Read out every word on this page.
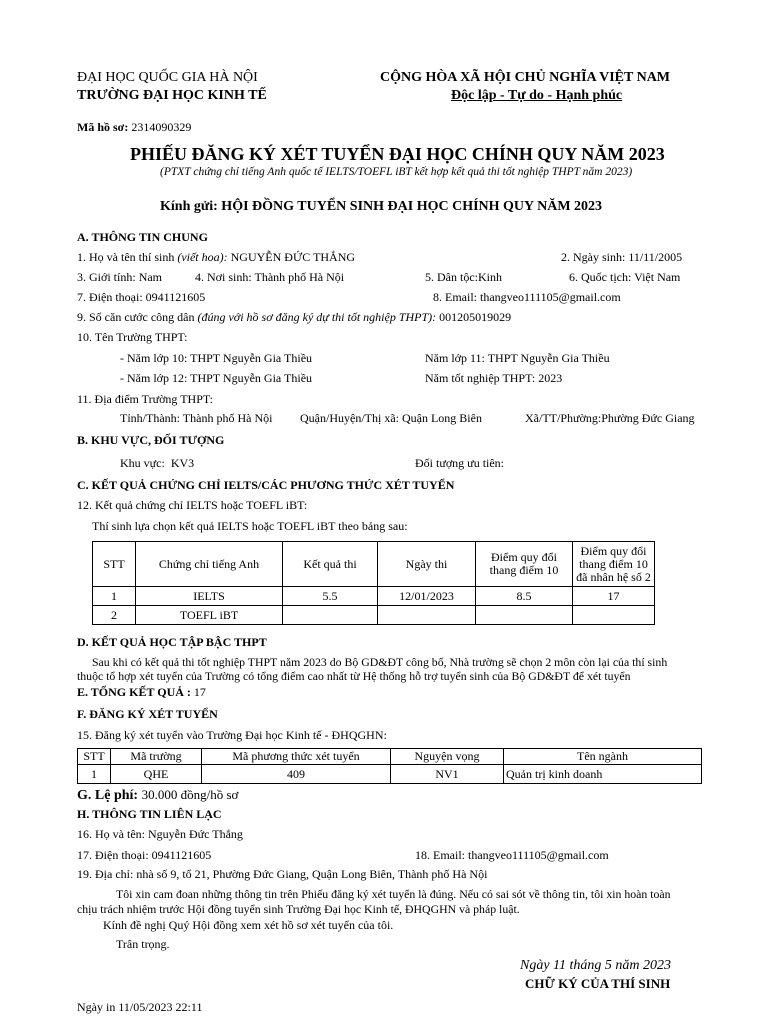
ĐẠI HỌC QUỐC GIA HÀ NỘI
TRƯỜNG ĐẠI HỌC KINH TẾ
CỘNG HÒA XÃ HỘI CHỦ NGHĨA VIỆT NAM
Độc lập - Tự do - Hạnh phúc
Mã hồ sơ: 2314090329
PHIẾU ĐĂNG KÝ XÉT TUYỂN ĐẠI HỌC CHÍNH QUY NĂM 2023
(PTXT chứng chỉ tiếng Anh quốc tế IELTS/TOEFL iBT kết hợp kết quả thi tốt nghiệp THPT năm 2023)
Kính gửi: HỘI ĐỒNG TUYỂN SINH ĐẠI HỌC CHÍNH QUY NĂM 2023
A. THÔNG TIN CHUNG
1. Họ và tên thí sinh (viết hoa): NGUYỄN ĐỨC THẮNG	2. Ngày sinh: 11/11/2005
3. Giới tính: Nam	4. Nơi sinh: Thành phố Hà Nội	5. Dân tộc:Kinh	6. Quốc tịch: Việt Nam
7. Điện thoại: 0941121605	8. Email: thangveo111105@gmail.com
9. Số căn cước công dân (đúng với hồ sơ đăng ký dự thi tốt nghiệp THPT): 001205019029
10. Tên Trường THPT:
- Năm lớp 10: THPT Nguyễn Gia Thiều	Năm lớp 11: THPT Nguyễn Gia Thiều
- Năm lớp 12: THPT Nguyễn Gia Thiều	Năm tốt nghiệp THPT: 2023
11. Địa điểm Trường THPT:
Tỉnh/Thành: Thành phố Hà Nội Quận/Huyện/Thị xã: Quận Long Biên	Xã/TT/Phường:Phường Đức Giang
B. KHU VỰC, ĐỐI TƯỢNG
Khu vực: KV3	Đối tượng ưu tiên:
C. KẾT QUẢ CHỨNG CHỈ IELTS/CÁC PHƯƠNG THỨC XÉT TUYỂN
12. Kết quả chứng chỉ IELTS hoặc TOEFL iBT:
Thí sinh lựa chọn kết quả IELTS hoặc TOEFL iBT theo bảng sau:
STT	Chứng chỉ tiếng Anh	Kết quả thi	Ngày thi	Điểm quy đổi thang điểm 10	Điểm quy đổi thang điểm 10 đã nhân hệ số 2
1	IELTS	5.5	12/01/2023	8.5	17
2	TOEFL iBT				
D. KẾT QUẢ HỌC TẬP BẬC THPT
Sau khi có kết quả thi tốt nghiệp THPT năm 2023 do Bộ GD&ĐT công bố, Nhà trường sẽ chọn 2 môn còn lại của thí sinh
thuộc tổ hợp xét tuyển của Trường có tổng điểm cao nhất từ Hệ thống hỗ trợ tuyển sinh của Bộ GD&ĐT để xét tuyển
E. TỔNG KẾT QUẢ : 17
F. ĐĂNG KÝ XÉT TUYỂN
15. Đăng ký xét tuyển vào Trường Đại học Kinh tế - ĐHQGHN:
STT	Mã trường	Mã phương thức xét tuyển	Nguyện vọng	Tên ngành
1	QHE	409	NV1	Quản trị kinh doanh
G. Lệ phí: 30.000 đồng/hồ sơ
H. THÔNG TIN LIÊN LẠC
16. Họ và tên: Nguyễn Đức Thắng
17. Điện thoại: 0941121605	18. Email: thangveo111105@gmail.com
19. Địa chỉ: nhà số 9, tổ 21, Phường Đức Giang, Quận Long Biên, Thành phố Hà Nội
Tôi xin cam đoan những thông tin trên Phiếu đăng ký xét tuyển là đúng. Nếu có sai sót về thông tin, tôi xin hoàn toàn
chịu trách nhiệm trước Hội đồng tuyển sinh Trường Đại học Kinh tế, ĐHQGHN và pháp luật.
Kính đề nghị Quý Hội đồng xem xét hồ sơ xét tuyển của tôi.
Trân trọng.
Ngày 11 tháng 5 năm 2023
CHỮ KÝ CỦA THÍ SINH
Ngày in 11/05/2023 22:11
